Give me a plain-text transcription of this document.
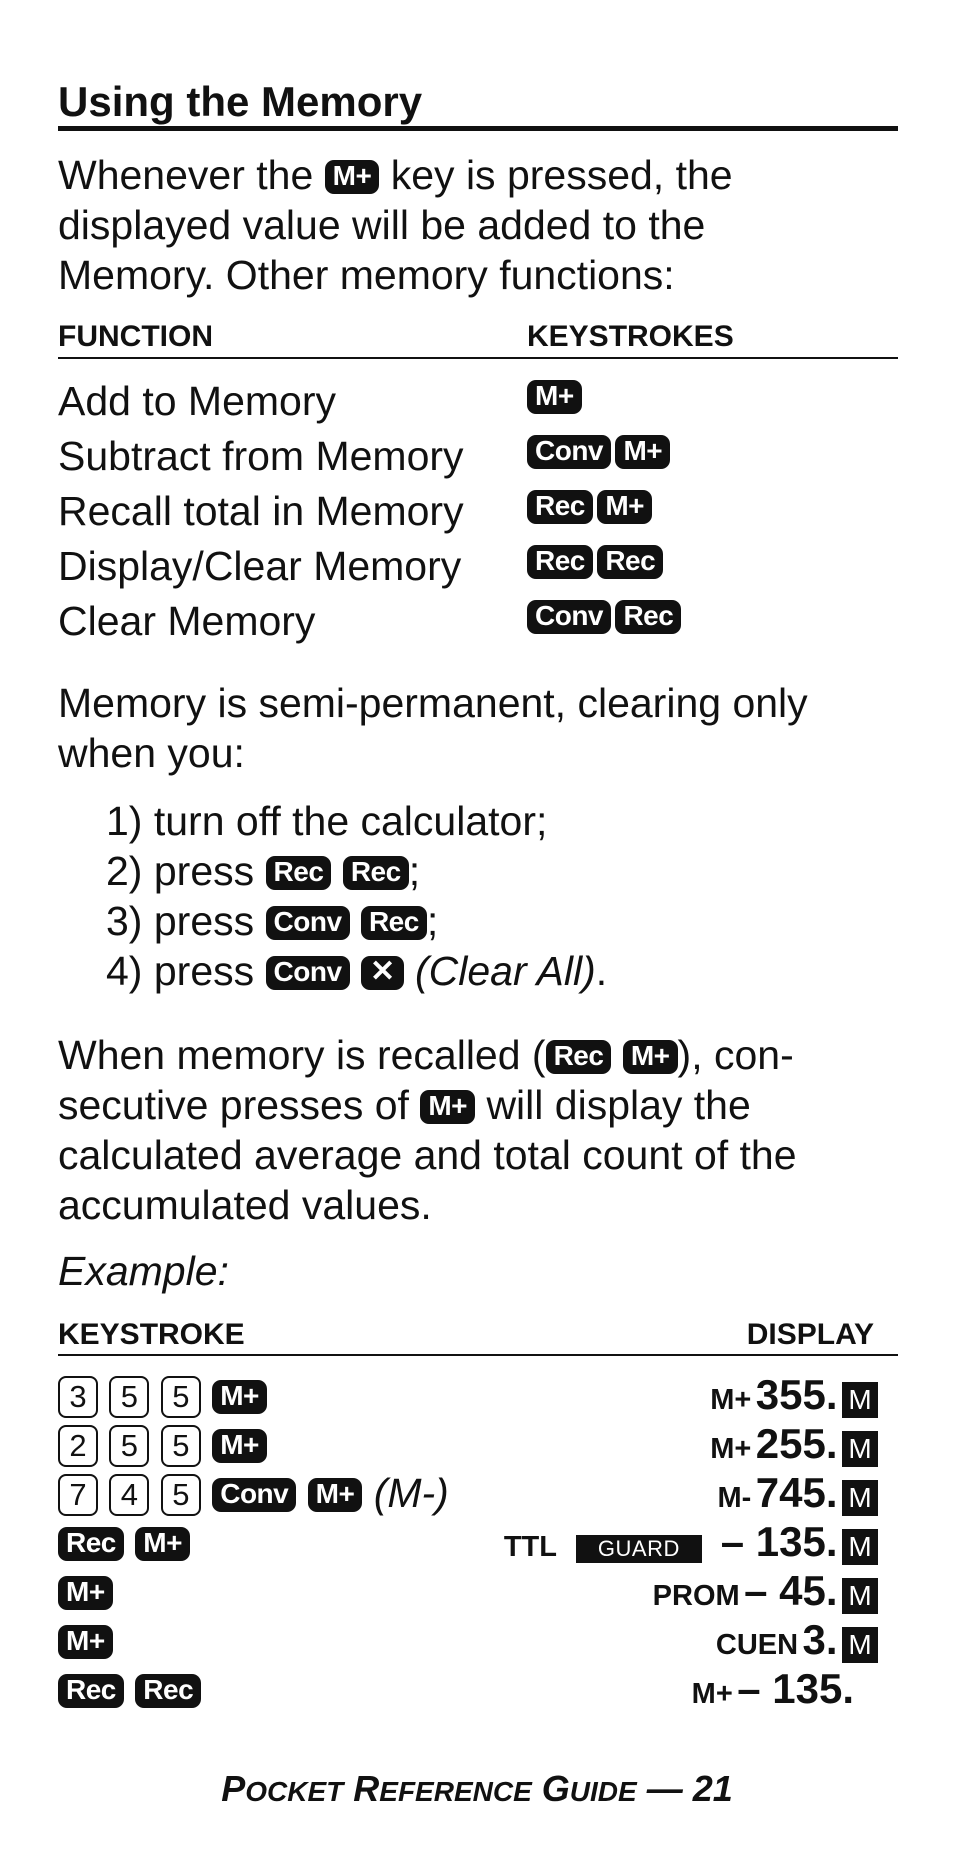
Using the Memory
Whenever the M+ key is pressed, the
displayed value will be added to the
Memory. Other memory functions:
FUNCTION	KEYSTROKES
Add to Memory	M+
Subtract from Memory	Conv M+
Recall total in Memory	Rec M+
Display/Clear Memory	Rec Rec
Clear Memory	Conv Rec
Memory is semi-permanent, clearing only
when you:
1) turn off the calculator;
2) press Rec Rec ;
3) press Conv Rec ;
4) press Conv ✕ (Clear All).
When memory is recalled ( Rec M+ ), con-
secutive presses of M+ will display the
calculated average and total count of the
accumulated values.
Example:
KEYSTROKE	DISPLAY
3 5 5 M+	M+ 355. M
2 5 5 M+	M+ 255. M
7 4 5 Conv M+ (M-)	M- 745. M
Rec M+	TTL GUARD – 135. M
M+	PROM – 45. M
M+	CUEN 3. M
Rec Rec	M+ – 135.
POCKET REFERENCE GUIDE — 21
